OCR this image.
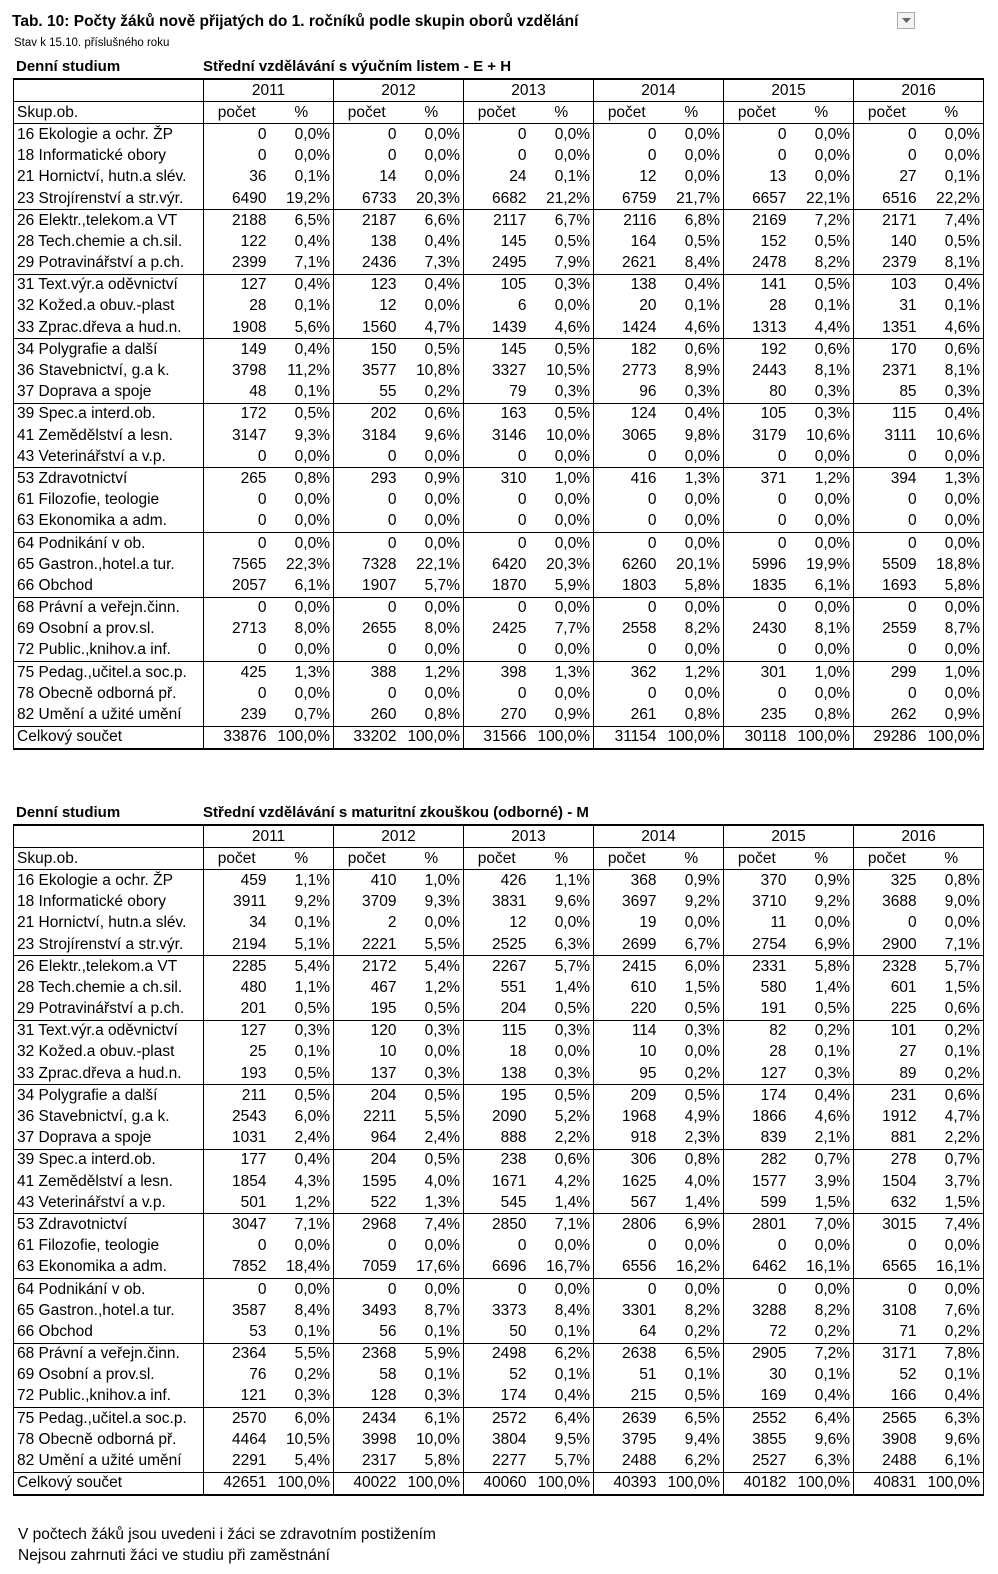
Tab. 10: Počty žáků nově přijatých do 1. ročníků podle skupin oborů vzdělání
Stav k 15.10. příslušného roku
Denní studium	Střední vzdělávání s výučním listem - E + H
	2011		2012		2013		2014		2015		2016	
Skup.ob.	počet	%	počet	%	počet	%	počet	%	počet	%	počet	%
16 Ekologie a ochr. ŽP	0	0,0%	0	0,0%	0	0,0%	0	0,0%	0	0,0%	0	0,0%
18 Informatické obory	0	0,0%	0	0,0%	0	0,0%	0	0,0%	0	0,0%	0	0,0%
21 Hornictví, hutn.a slév.	36	0,1%	14	0,0%	24	0,1%	12	0,0%	13	0,0%	27	0,1%
23 Strojírenství a str.výr.	6490	19,2%	6733	20,3%	6682	21,2%	6759	21,7%	6657	22,1%	6516	22,2%
26 Elektr.,telekom.a VT	2188	6,5%	2187	6,6%	2117	6,7%	2116	6,8%	2169	7,2%	2171	7,4%
28 Tech.chemie a ch.sil.	122	0,4%	138	0,4%	145	0,5%	164	0,5%	152	0,5%	140	0,5%
29 Potravinářství a p.ch.	2399	7,1%	2436	7,3%	2495	7,9%	2621	8,4%	2478	8,2%	2379	8,1%
31 Text.výr.a oděvnictví	127	0,4%	123	0,4%	105	0,3%	138	0,4%	141	0,5%	103	0,4%
32 Kožed.a obuv.-plast	28	0,1%	12	0,0%	6	0,0%	20	0,1%	28	0,1%	31	0,1%
33 Zprac.dřeva a hud.n.	1908	5,6%	1560	4,7%	1439	4,6%	1424	4,6%	1313	4,4%	1351	4,6%
34 Polygrafie a další	149	0,4%	150	0,5%	145	0,5%	182	0,6%	192	0,6%	170	0,6%
36 Stavebnictví, g.a k.	3798	11,2%	3577	10,8%	3327	10,5%	2773	8,9%	2443	8,1%	2371	8,1%
37 Doprava a spoje	48	0,1%	55	0,2%	79	0,3%	96	0,3%	80	0,3%	85	0,3%
39 Spec.a interd.ob.	172	0,5%	202	0,6%	163	0,5%	124	0,4%	105	0,3%	115	0,4%
41 Zemědělství a lesn.	3147	9,3%	3184	9,6%	3146	10,0%	3065	9,8%	3179	10,6%	3111	10,6%
43 Veterinářství a v.p.	0	0,0%	0	0,0%	0	0,0%	0	0,0%	0	0,0%	0	0,0%
53 Zdravotnictví	265	0,8%	293	0,9%	310	1,0%	416	1,3%	371	1,2%	394	1,3%
61 Filozofie, teologie	0	0,0%	0	0,0%	0	0,0%	0	0,0%	0	0,0%	0	0,0%
63 Ekonomika a adm.	0	0,0%	0	0,0%	0	0,0%	0	0,0%	0	0,0%	0	0,0%
64 Podnikání v ob.	0	0,0%	0	0,0%	0	0,0%	0	0,0%	0	0,0%	0	0,0%
65 Gastron.,hotel.a tur.	7565	22,3%	7328	22,1%	6420	20,3%	6260	20,1%	5996	19,9%	5509	18,8%
66 Obchod	2057	6,1%	1907	5,7%	1870	5,9%	1803	5,8%	1835	6,1%	1693	5,8%
68 Právní a veřejn.činn.	0	0,0%	0	0,0%	0	0,0%	0	0,0%	0	0,0%	0	0,0%
69 Osobní a prov.sl.	2713	8,0%	2655	8,0%	2425	7,7%	2558	8,2%	2430	8,1%	2559	8,7%
72 Public.,knihov.a inf.	0	0,0%	0	0,0%	0	0,0%	0	0,0%	0	0,0%	0	0,0%
75 Pedag.,učitel.a soc.p.	425	1,3%	388	1,2%	398	1,3%	362	1,2%	301	1,0%	299	1,0%
78 Obecně odborná př.	0	0,0%	0	0,0%	0	0,0%	0	0,0%	0	0,0%	0	0,0%
82 Umění a užité umění	239	0,7%	260	0,8%	270	0,9%	261	0,8%	235	0,8%	262	0,9%
Celkový součet	33876	100,0%	33202	100,0%	31566	100,0%	31154	100,0%	30118	100,0%	29286	100,0%
Denní studium	Střední vzdělávání s maturitní zkouškou (odborné) - M
	2011		2012		2013		2014		2015		2016	
Skup.ob.	počet	%	počet	%	počet	%	počet	%	počet	%	počet	%
16 Ekologie a ochr. ŽP	459	1,1%	410	1,0%	426	1,1%	368	0,9%	370	0,9%	325	0,8%
18 Informatické obory	3911	9,2%	3709	9,3%	3831	9,6%	3697	9,2%	3710	9,2%	3688	9,0%
21 Hornictví, hutn.a slév.	34	0,1%	2	0,0%	12	0,0%	19	0,0%	11	0,0%	0	0,0%
23 Strojírenství a str.výr.	2194	5,1%	2221	5,5%	2525	6,3%	2699	6,7%	2754	6,9%	2900	7,1%
26 Elektr.,telekom.a VT	2285	5,4%	2172	5,4%	2267	5,7%	2415	6,0%	2331	5,8%	2328	5,7%
28 Tech.chemie a ch.sil.	480	1,1%	467	1,2%	551	1,4%	610	1,5%	580	1,4%	601	1,5%
29 Potravinářství a p.ch.	201	0,5%	195	0,5%	204	0,5%	220	0,5%	191	0,5%	225	0,6%
31 Text.výr.a oděvnictví	127	0,3%	120	0,3%	115	0,3%	114	0,3%	82	0,2%	101	0,2%
32 Kožed.a obuv.-plast	25	0,1%	10	0,0%	18	0,0%	10	0,0%	28	0,1%	27	0,1%
33 Zprac.dřeva a hud.n.	193	0,5%	137	0,3%	138	0,3%	95	0,2%	127	0,3%	89	0,2%
34 Polygrafie a další	211	0,5%	204	0,5%	195	0,5%	209	0,5%	174	0,4%	231	0,6%
36 Stavebnictví, g.a k.	2543	6,0%	2211	5,5%	2090	5,2%	1968	4,9%	1866	4,6%	1912	4,7%
37 Doprava a spoje	1031	2,4%	964	2,4%	888	2,2%	918	2,3%	839	2,1%	881	2,2%
39 Spec.a interd.ob.	177	0,4%	204	0,5%	238	0,6%	306	0,8%	282	0,7%	278	0,7%
41 Zemědělství a lesn.	1854	4,3%	1595	4,0%	1671	4,2%	1625	4,0%	1577	3,9%	1504	3,7%
43 Veterinářství a v.p.	501	1,2%	522	1,3%	545	1,4%	567	1,4%	599	1,5%	632	1,5%
53 Zdravotnictví	3047	7,1%	2968	7,4%	2850	7,1%	2806	6,9%	2801	7,0%	3015	7,4%
61 Filozofie, teologie	0	0,0%	0	0,0%	0	0,0%	0	0,0%	0	0,0%	0	0,0%
63 Ekonomika a adm.	7852	18,4%	7059	17,6%	6696	16,7%	6556	16,2%	6462	16,1%	6565	16,1%
64 Podnikání v ob.	0	0,0%	0	0,0%	0	0,0%	0	0,0%	0	0,0%	0	0,0%
65 Gastron.,hotel.a tur.	3587	8,4%	3493	8,7%	3373	8,4%	3301	8,2%	3288	8,2%	3108	7,6%
66 Obchod	53	0,1%	56	0,1%	50	0,1%	64	0,2%	72	0,2%	71	0,2%
68 Právní a veřejn.činn.	2364	5,5%	2368	5,9%	2498	6,2%	2638	6,5%	2905	7,2%	3171	7,8%
69 Osobní a prov.sl.	76	0,2%	58	0,1%	52	0,1%	51	0,1%	30	0,1%	52	0,1%
72 Public.,knihov.a inf.	121	0,3%	128	0,3%	174	0,4%	215	0,5%	169	0,4%	166	0,4%
75 Pedag.,učitel.a soc.p.	2570	6,0%	2434	6,1%	2572	6,4%	2639	6,5%	2552	6,4%	2565	6,3%
78 Obecně odborná př.	4464	10,5%	3998	10,0%	3804	9,5%	3795	9,4%	3855	9,6%	3908	9,6%
82 Umění a užité umění	2291	5,4%	2317	5,8%	2277	5,7%	2488	6,2%	2527	6,3%	2488	6,1%
Celkový součet	42651	100,0%	40022	100,0%	40060	100,0%	40393	100,0%	40182	100,0%	40831	100,0%
V počtech žáků jsou uvedeni i žáci se zdravotním postižením
Nejsou zahrnuti žáci ve studiu při zaměstnání
